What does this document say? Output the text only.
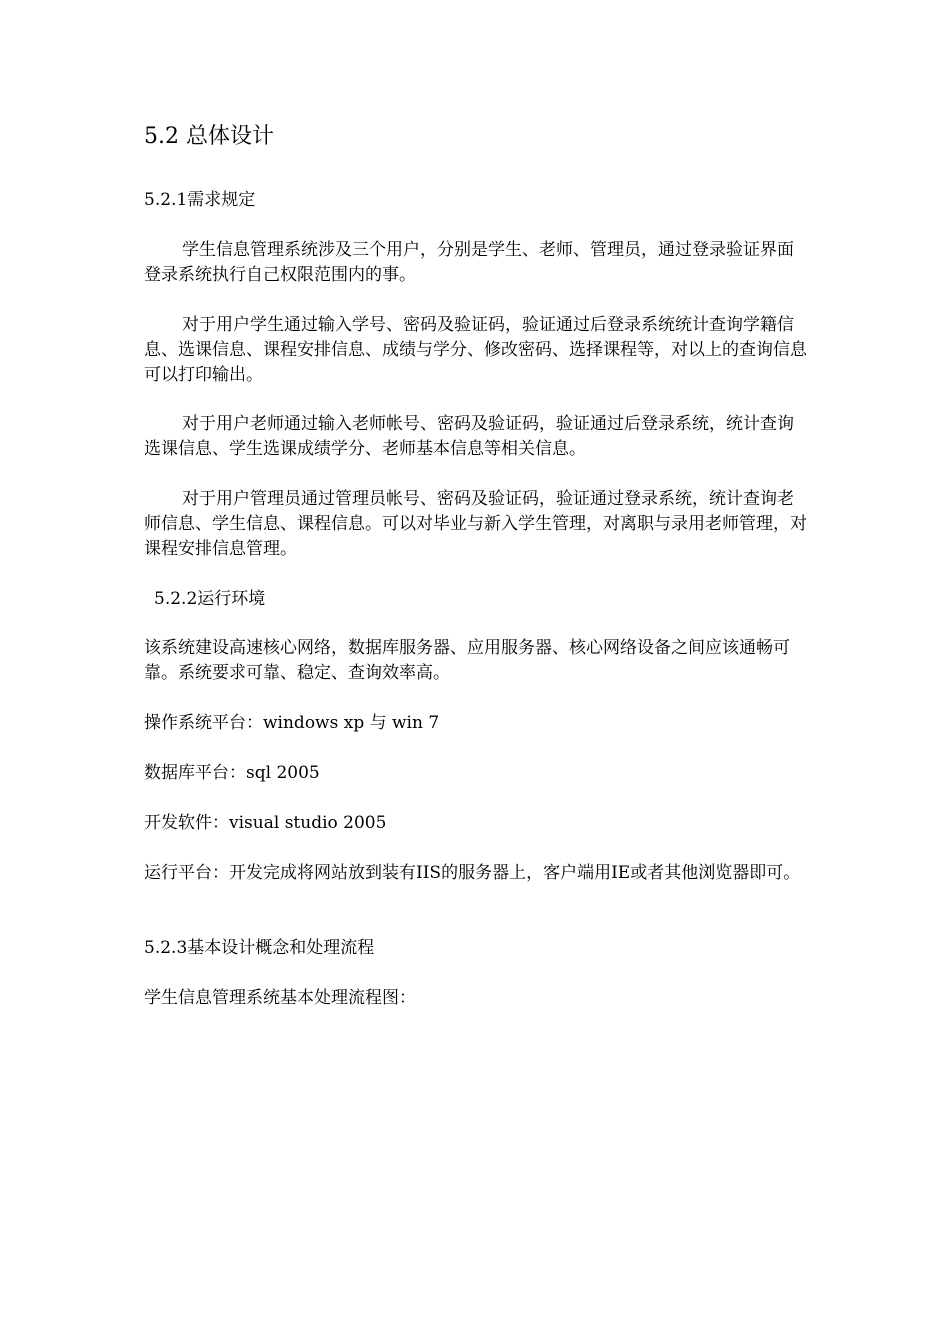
5.2 总体设计
5.2.1需求规定

学生信息管理系统涉及三个用户，分别是学生、老师、管理员，通过登录验证界面登录系统执行自己权限范围内的事。

对于用户学生通过输入学号、密码及验证码，验证通过后登录系统统计查询学籍信息、选课信息、课程安排信息、成绩与学分、修改密码、选择课程等，对以上的查询信息可以打印输出。

对于用户老师通过输入老师帐号、密码及验证码，验证通过后登录系统，统计查询选课信息、学生选课成绩学分、老师基本信息等相关信息。

对于用户管理员通过管理员帐号、密码及验证码，验证通过登录系统，统计查询老师信息、学生信息、课程信息。可以对毕业与新入学生管理，对离职与录用老师管理，对课程安排信息管理。

5.2.2运行环境

该系统建设高速核心网络，数据库服务器、应用服务器、核心网络设备之间应该通畅可靠。系统要求可靠、稳定、查询效率高。

操作系统平台：windows xp 与 win 7

数据库平台：sql 2005

开发软件：visual studio 2005

运行平台：开发完成将网站放到装有IIS的服务器上，客户端用IE或者其他浏览器即可。

5.2.3基本设计概念和处理流程

学生信息管理系统基本处理流程图：
